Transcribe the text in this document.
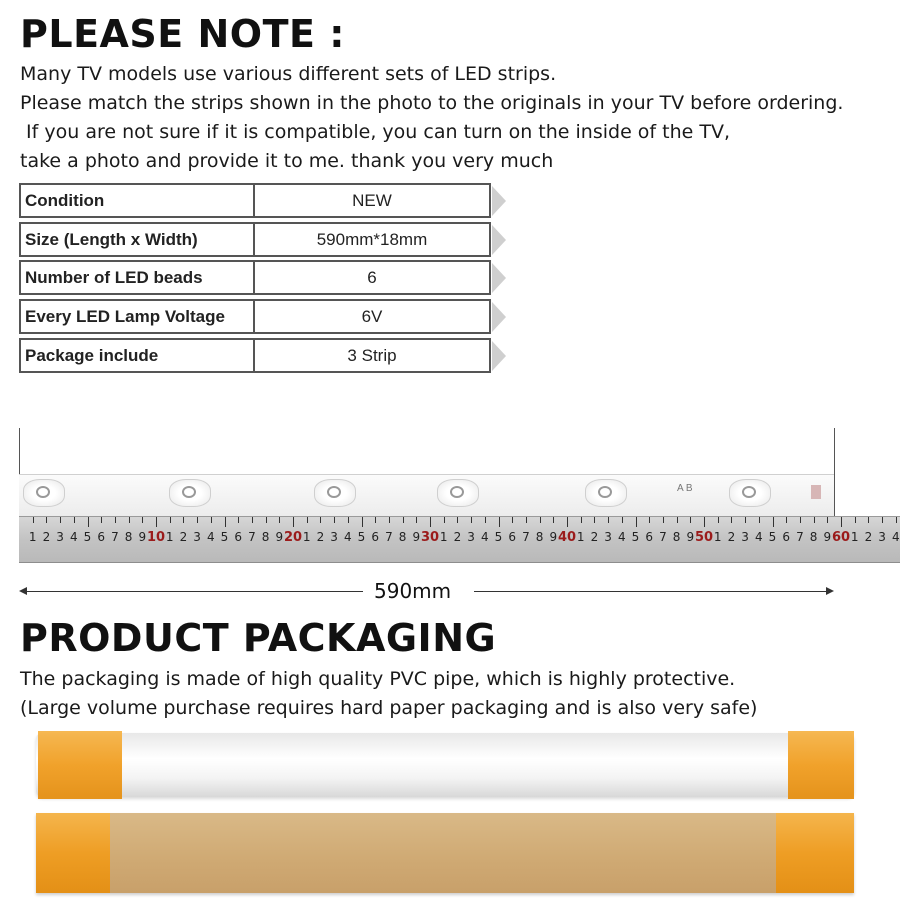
PLEASE NOTE :
Many TV models use various different sets of LED strips.
Please match the strips shown in the photo to the originals in your TV before ordering.
If you are not sure if it is compatible, you can turn on the inside of the TV,
take a photo and provide it to me. thank you very much
Condition	NEW
Size (Length x Width)	590mm*18mm
Number of LED beads	6
Every LED Lamp Voltage	6V
Package include	3 Strip
A B
1 2 3 4 5 6 7 8 9 10 1 2 3 4 5 6 7 8 9 20 1 2 3 4 5 6 7 8 9 30 1 2 3 4 5 6 7 8 9 40 1 2 3 4 5 6 7 8 9 50 1 2 3 4 5 6 7 8 9 60 1 2 3 4
590mm
PRODUCT PACKAGING
The packaging is made of high quality PVC pipe, which is highly protective.
(Large volume purchase requires hard paper packaging and is also very safe)
